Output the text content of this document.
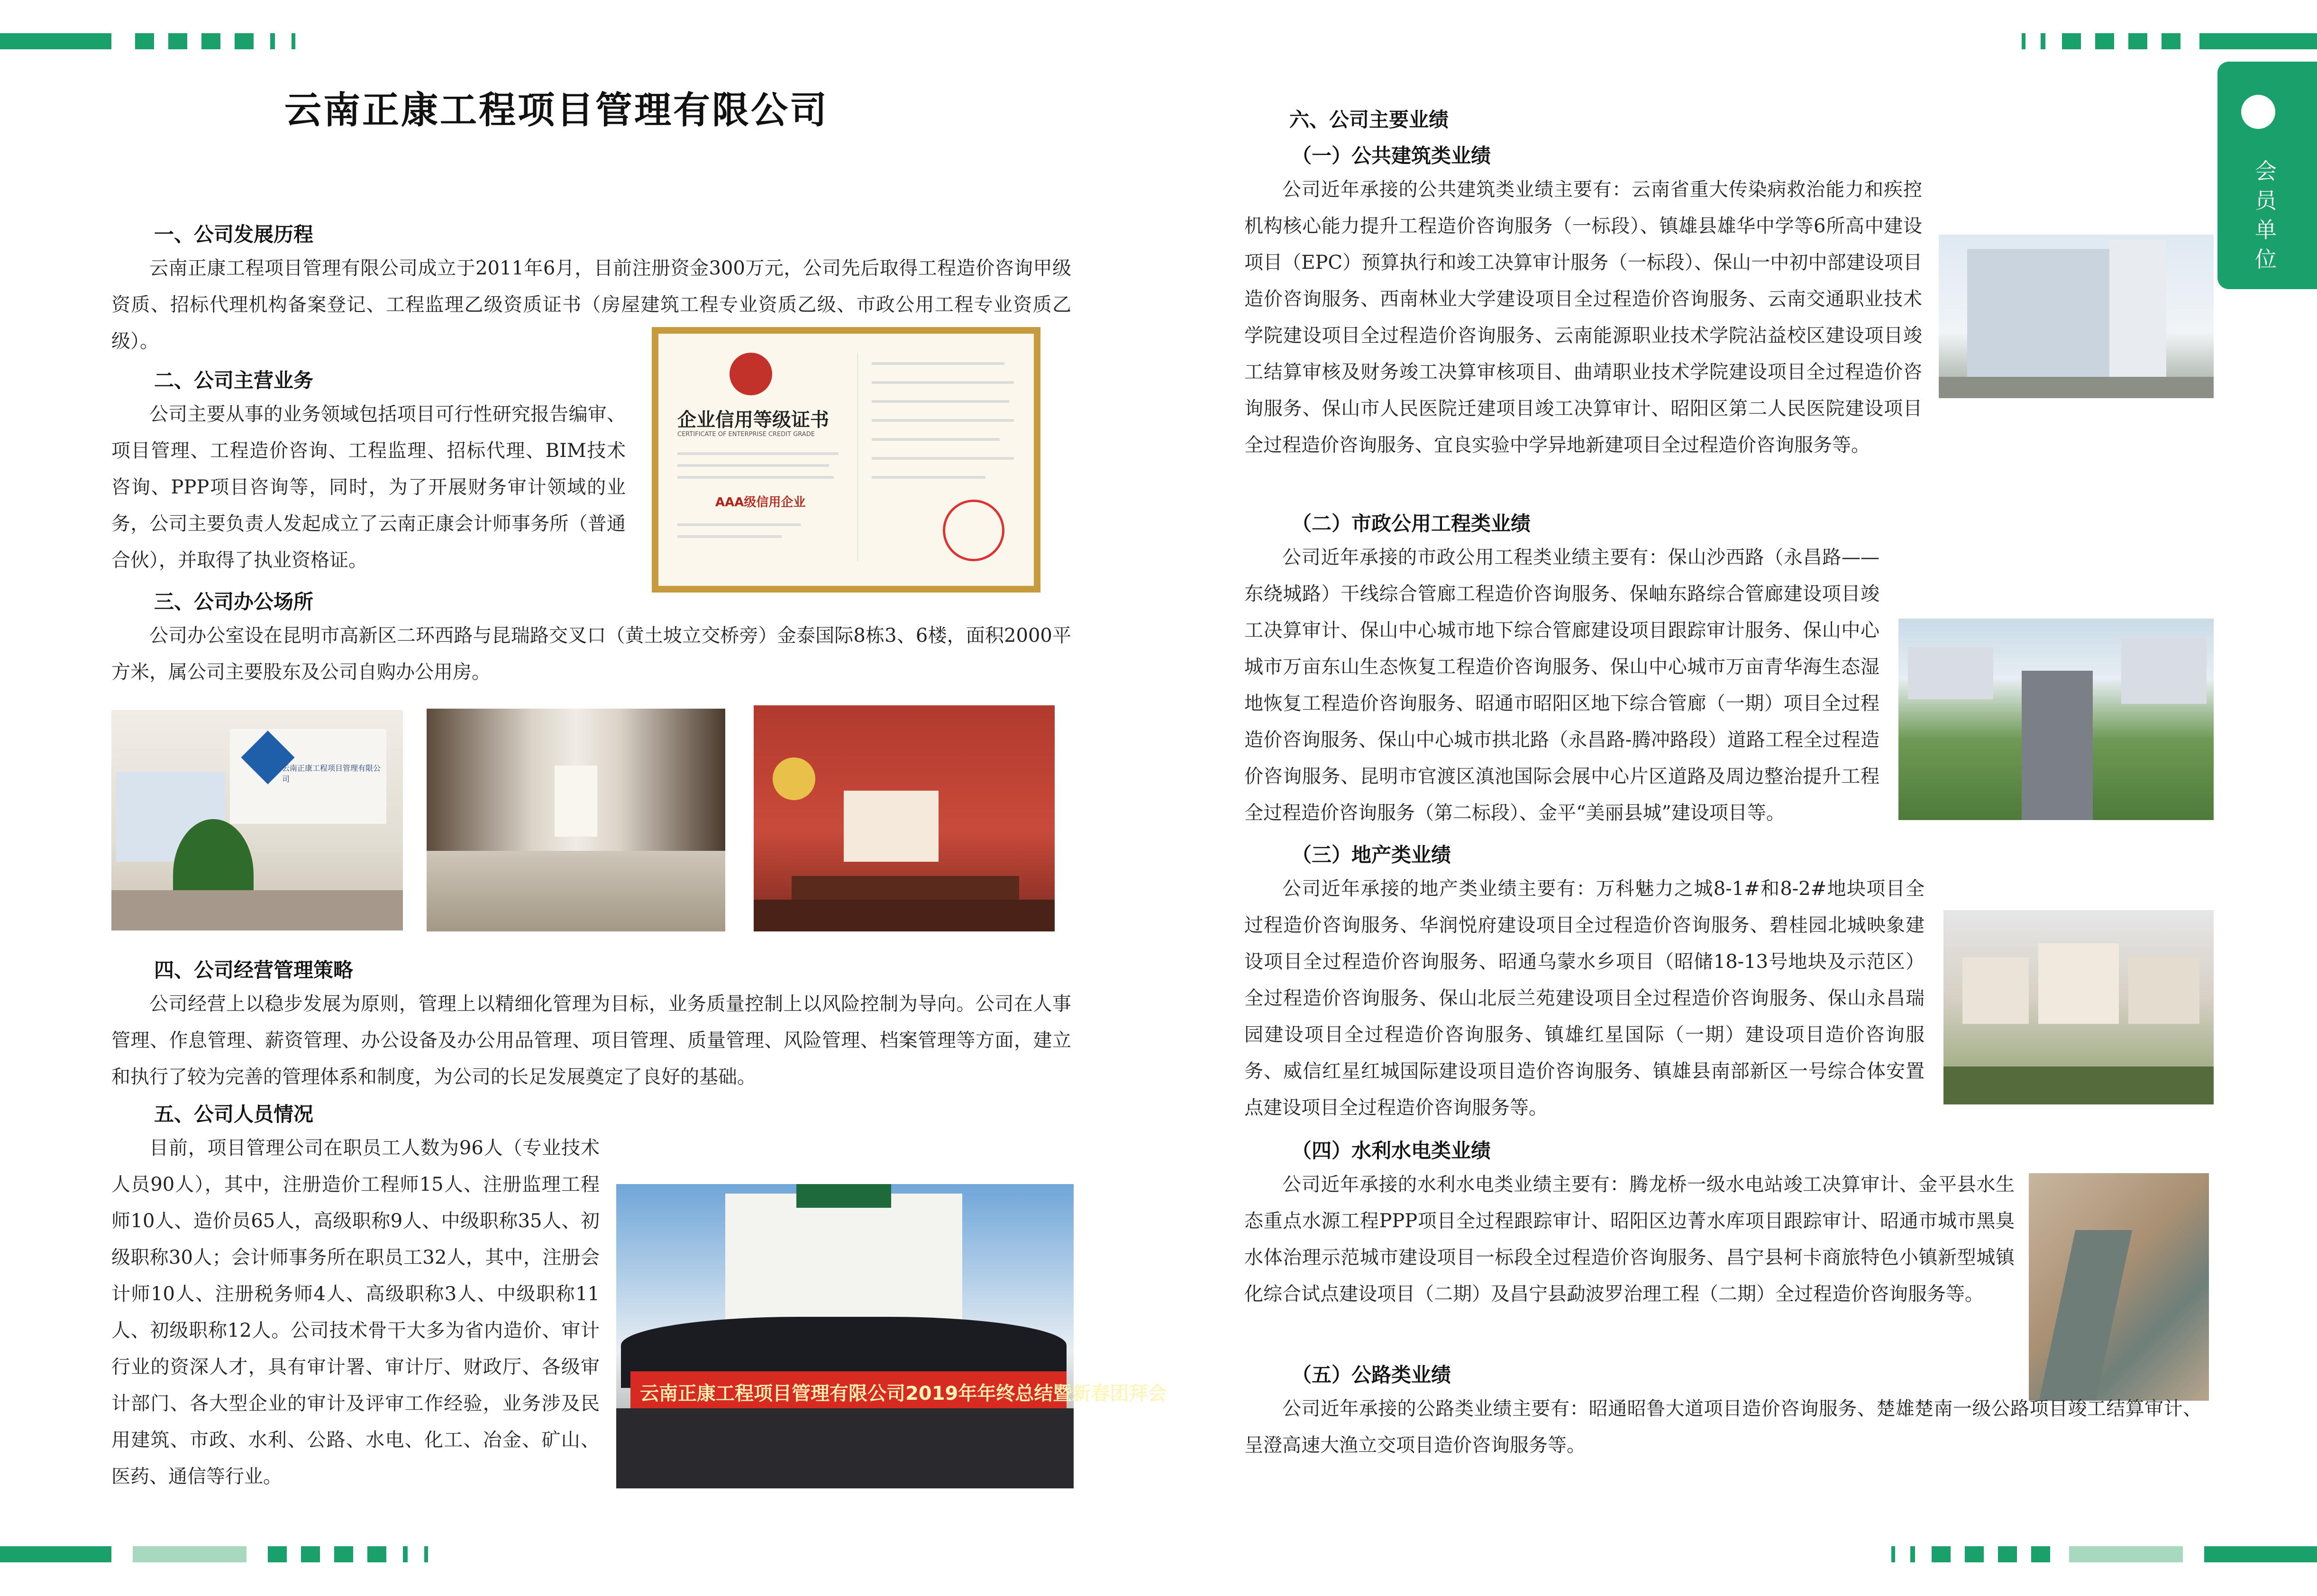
会员单位
云南正康工程项目管理有限公司
一、公司发展历程

云南正康工程项目管理有限公司成立于2011年6月，目前注册资金300万元，公司先后取得工程造价咨询甲级资质、招标代理机构备案登记、工程监理乙级资质证书（房屋建筑工程专业资质乙级、市政公用工程专业资质乙级）。

二、公司主营业务

公司主要从事的业务领域包括项目可行性研究报告编审、项目管理、工程造价咨询、工程监理、招标代理、BIM技术咨询、PPP项目咨询等，同时，为了开展财务审计领域的业务，公司主要负责人发起成立了云南正康会计师事务所（普通合伙），并取得了执业资格证。

企业信用等级证书
CERTIFICATE OF ENTERPRISE CREDIT GRADE
AAA级信用企业
三、公司办公场所

公司办公室设在昆明市高新区二环西路与昆瑞路交叉口（黄土坡立交桥旁）金泰国际8栋3、6楼，面积2000平方米，属公司主要股东及公司自购办公用房。

云南正康工程项目管理有限公司
四、公司经营管理策略

公司经营上以稳步发展为原则，管理上以精细化管理为目标，业务质量控制上以风险控制为导向。公司在人事管理、作息管理、薪资管理、办公设备及办公用品管理、项目管理、质量管理、风险管理、档案管理等方面，建立和执行了较为完善的管理体系和制度，为公司的长足发展奠定了良好的基础。

五、公司人员情况

目前，项目管理公司在职员工人数为96人（专业技术人员90人），其中，注册造价工程师15人、注册监理工程师10人、造价员65人，高级职称9人、中级职称35人、初级职称30人；会计师事务所在职员工32人，其中，注册会计师10人、注册税务师4人、高级职称3人、中级职称11人、初级职称12人。公司技术骨干大多为省内造价、审计行业的资深人才，具有审计署、审计厅、财政厅、各级审计部门、各大型企业的审计及评审工作经验，业务涉及民用建筑、市政、水利、公路、水电、化工、冶金、矿山、医药、通信等行业。

云南正康工程项目管理有限公司2019年年终总结暨新春团拜会
六、公司主要业绩
（一）公共建筑类业绩

公司近年承接的公共建筑类业绩主要有：云南省重大传染病救治能力和疾控机构核心能力提升工程造价咨询服务（一标段）、镇雄县雄华中学等6所高中建设项目（EPC）预算执行和竣工决算审计服务（一标段）、保山一中初中部建设项目造价咨询服务、西南林业大学建设项目全过程造价咨询服务、云南交通职业技术学院建设项目全过程造价咨询服务、云南能源职业技术学院沾益校区建设项目竣工结算审核及财务竣工决算审核项目、曲靖职业技术学院建设项目全过程造价咨询服务、保山市人民医院迁建项目竣工决算审计、昭阳区第二人民医院建设项目全过程造价咨询服务、宜良实验中学异地新建项目全过程造价咨询服务等。

（二）市政公用工程类业绩

公司近年承接的市政公用工程类业绩主要有：保山沙西路（永昌路——东绕城路）干线综合管廊工程造价咨询服务、保岫东路综合管廊建设项目竣工决算审计、保山中心城市地下综合管廊建设项目跟踪审计服务、保山中心城市万亩东山生态恢复工程造价咨询服务、保山中心城市万亩青华海生态湿地恢复工程造价咨询服务、昭通市昭阳区地下综合管廊（一期）项目全过程造价咨询服务、保山中心城市拱北路（永昌路-腾冲路段）道路工程全过程造价咨询服务、昆明市官渡区滇池国际会展中心片区道路及周边整治提升工程全过程造价咨询服务（第二标段）、金平“美丽县城”建设项目等。

（三）地产类业绩

公司近年承接的地产类业绩主要有：万科魅力之城8-1#和8-2#地块项目全过程造价咨询服务、华润悦府建设项目全过程造价咨询服务、碧桂园北城映象建设项目全过程造价咨询服务、昭通乌蒙水乡项目（昭储18-13号地块及示范区）全过程造价咨询服务、保山北辰兰苑建设项目全过程造价咨询服务、保山永昌瑞园建设项目全过程造价咨询服务、镇雄红星国际（一期）建设项目造价咨询服务、威信红星红城国际建设项目造价咨询服务、镇雄县南部新区一号综合体安置点建设项目全过程造价咨询服务等。

（四）水利水电类业绩

公司近年承接的水利水电类业绩主要有：腾龙桥一级水电站竣工决算审计、金平县水生态重点水源工程PPP项目全过程跟踪审计、昭阳区边菁水库项目跟踪审计、昭通市城市黑臭水体治理示范城市建设项目一标段全过程造价咨询服务、昌宁县柯卡商旅特色小镇新型城镇化综合试点建设项目（二期）及昌宁县勐波罗治理工程（二期）全过程造价咨询服务等。

（五）公路类业绩

公司近年承接的公路类业绩主要有：昭通昭鲁大道项目造价咨询服务、楚雄楚南一级公路项目竣工结算审计、呈澄高速大渔立交项目造价咨询服务等。
